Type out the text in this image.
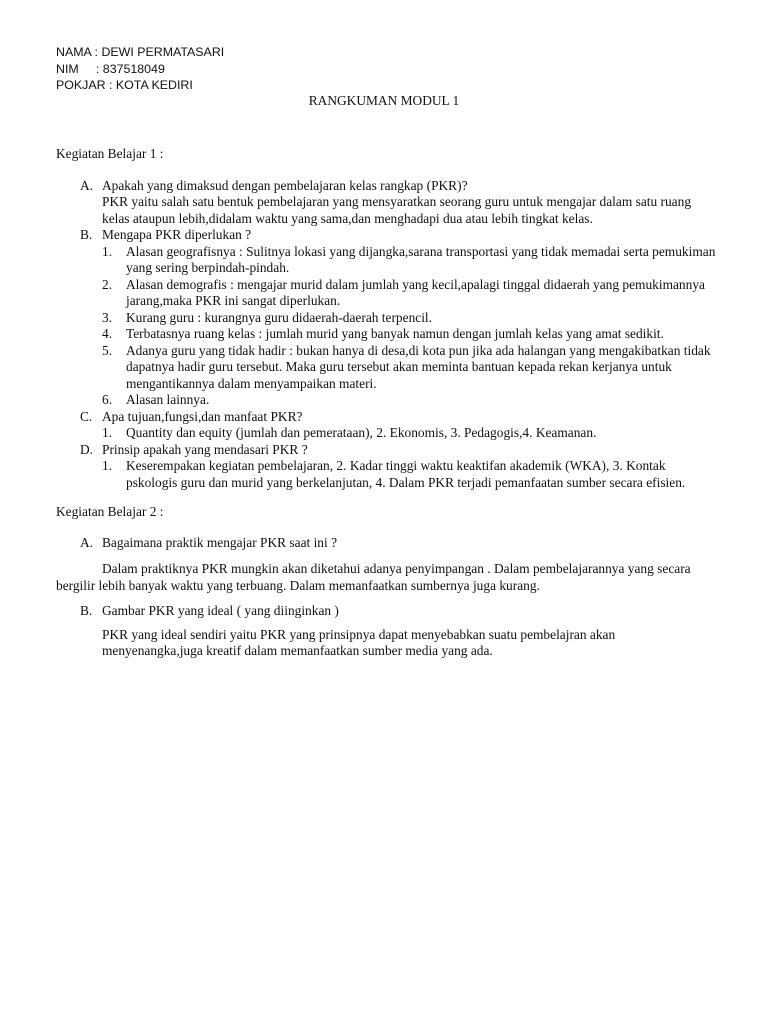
NAMA : DEWI PERMATASARI
NIM     : 837518049
POKJAR : KOTA KEDIRI
RANGKUMAN MODUL 1
Kegiatan Belajar 1 :
A. Apakah yang dimaksud dengan pembelajaran kelas rangkap (PKR)?
PKR yaitu salah satu bentuk pembelajaran yang mensyaratkan seorang guru untuk mengajar dalam satu ruang kelas ataupun lebih,didalam waktu yang sama,dan menghadapi dua atau lebih tingkat kelas.
B. Mengapa PKR diperlukan ?
1. Alasan geografisnya : Sulitnya lokasi yang dijangka,sarana transportasi yang tidak memadai serta pemukiman yang sering berpindah-pindah.
2. Alasan demografis : mengajar murid dalam jumlah yang kecil,apalagi tinggal didaerah yang pemukimannya jarang,maka PKR ini sangat diperlukan.
3. Kurang guru : kurangnya guru didaerah-daerah terpencil.
4. Terbatasnya ruang kelas : jumlah murid yang banyak namun dengan jumlah kelas yang amat sedikit.
5. Adanya guru yang tidak hadir : bukan hanya di desa,di kota pun jika ada halangan yang mengakibatkan tidak dapatnya hadir guru tersebut. Maka guru tersebut akan meminta bantuan kepada rekan kerjanya untuk mengantikannya dalam menyampaikan materi.
6. Alasan lainnya.
C. Apa tujuan,fungsi,dan manfaat PKR?
1. Quantity dan equity (jumlah dan pemerataan), 2. Ekonomis, 3. Pedagogis,4. Keamanan.
D. Prinsip apakah yang mendasari PKR ?
1. Keserempakan kegiatan pembelajaran, 2. Kadar tinggi waktu keaktifan akademik (WKA), 3. Kontak pskologis guru dan murid yang berkelanjutan, 4. Dalam PKR terjadi pemanfaatan sumber secara efisien.
Kegiatan Belajar 2 :
A. Bagaimana praktik mengajar PKR saat ini ?

Dalam praktiknya PKR mungkin akan diketahui adanya penyimpangan . Dalam pembelajarannya yang secara bergilir lebih banyak waktu yang terbuang. Dalam memanfaatkan sumbernya juga kurang.

B. Gambar PKR yang ideal ( yang diinginkan )

PKR yang ideal sendiri yaitu PKR yang prinsipnya dapat menyebabkan suatu pembelajran akan menyenangka,juga kreatif dalam memanfaatkan sumber media yang ada.
